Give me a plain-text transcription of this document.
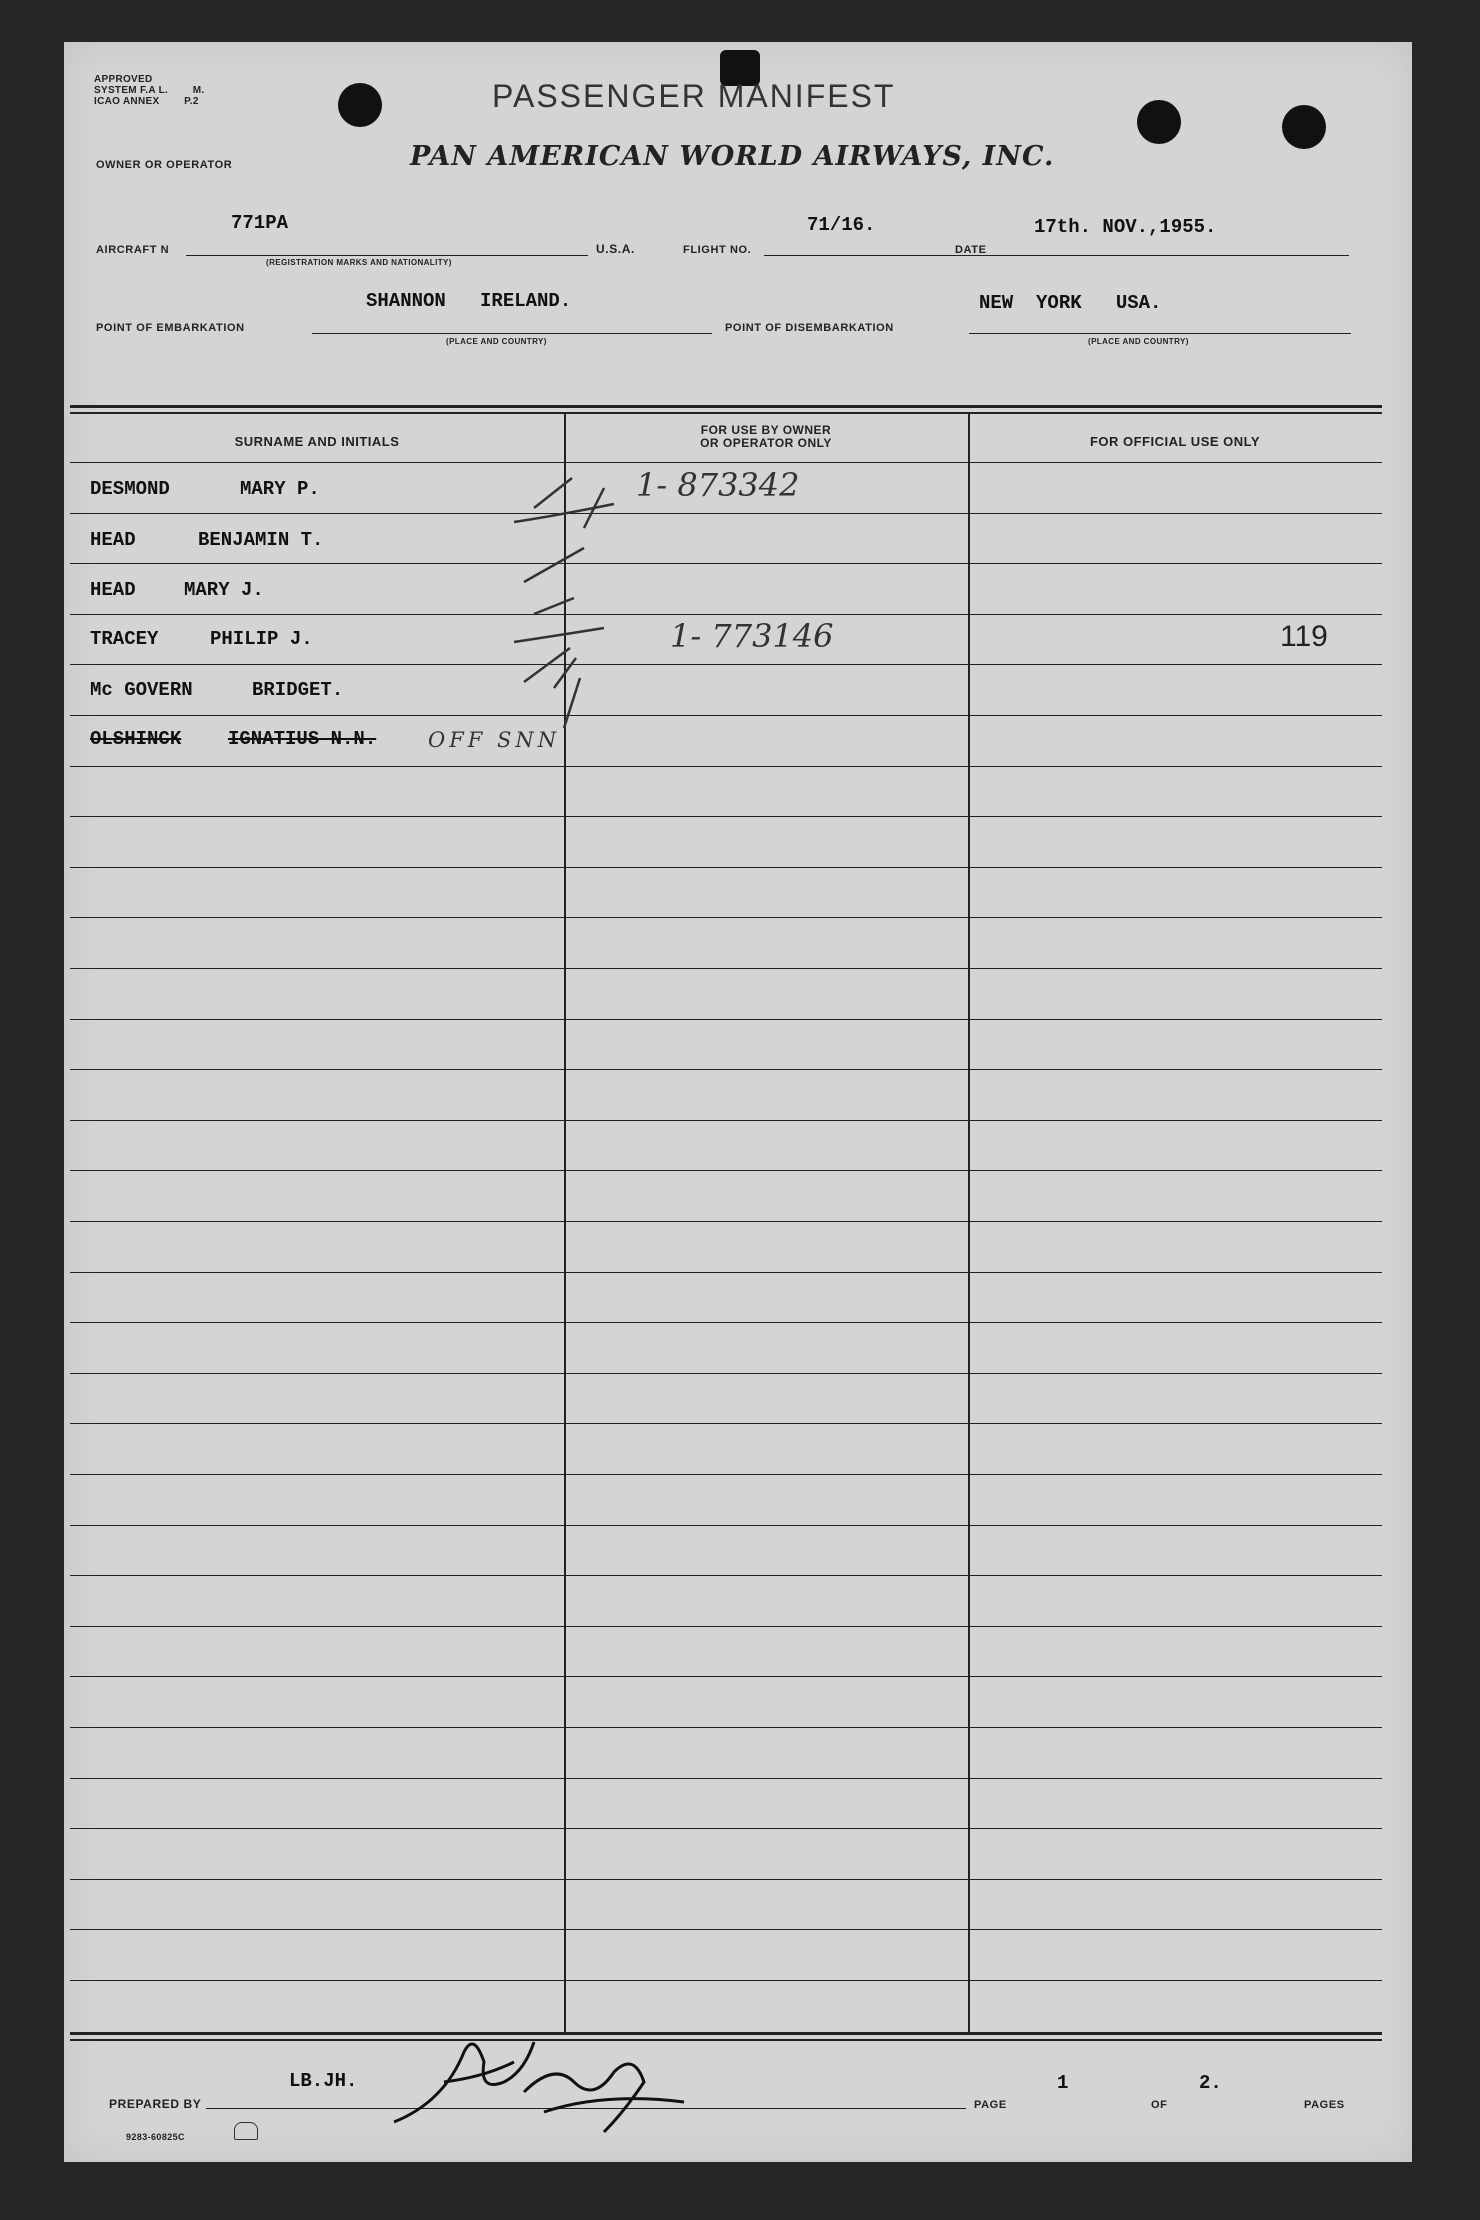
APPROVED
SYSTEM F.A L. M.
ICAO ANNEX P.2	PASSENGER MANIFEST
OWNER OR OPERATOR	PAN AMERICAN WORLD AIRWAYS, INC.
AIRCRAFT N
771PA
(REGISTRATION MARKS AND NATIONALITY)
U.S.A.	FLIGHT NO.
71/16.
DATE
17th. NOV.,1955.
POINT OF EMBARKATION
SHANNON   IRELAND.
(PLACE AND COUNTRY)
POINT OF DISEMBARKATION
NEW  YORK   USA.
(PLACE AND COUNTRY)
SURNAME AND INITIALS
FOR USE BY OWNER
OR OPERATOR ONLY	FOR OFFICIAL USE ONLY
DESMOND	MARY P.	1- 873342
HEAD	BENJAMIN T.
HEAD	MARY J.
TRACEY	PHILIP J.	1- 773146	119
Mc GOVERN	BRIDGET.
OLSHINCK IGNATIUS N.N. OFF SNN
PREPARED BY
LB.JH.
PAGE
1
OF
2.
PAGES
9283-60825C
